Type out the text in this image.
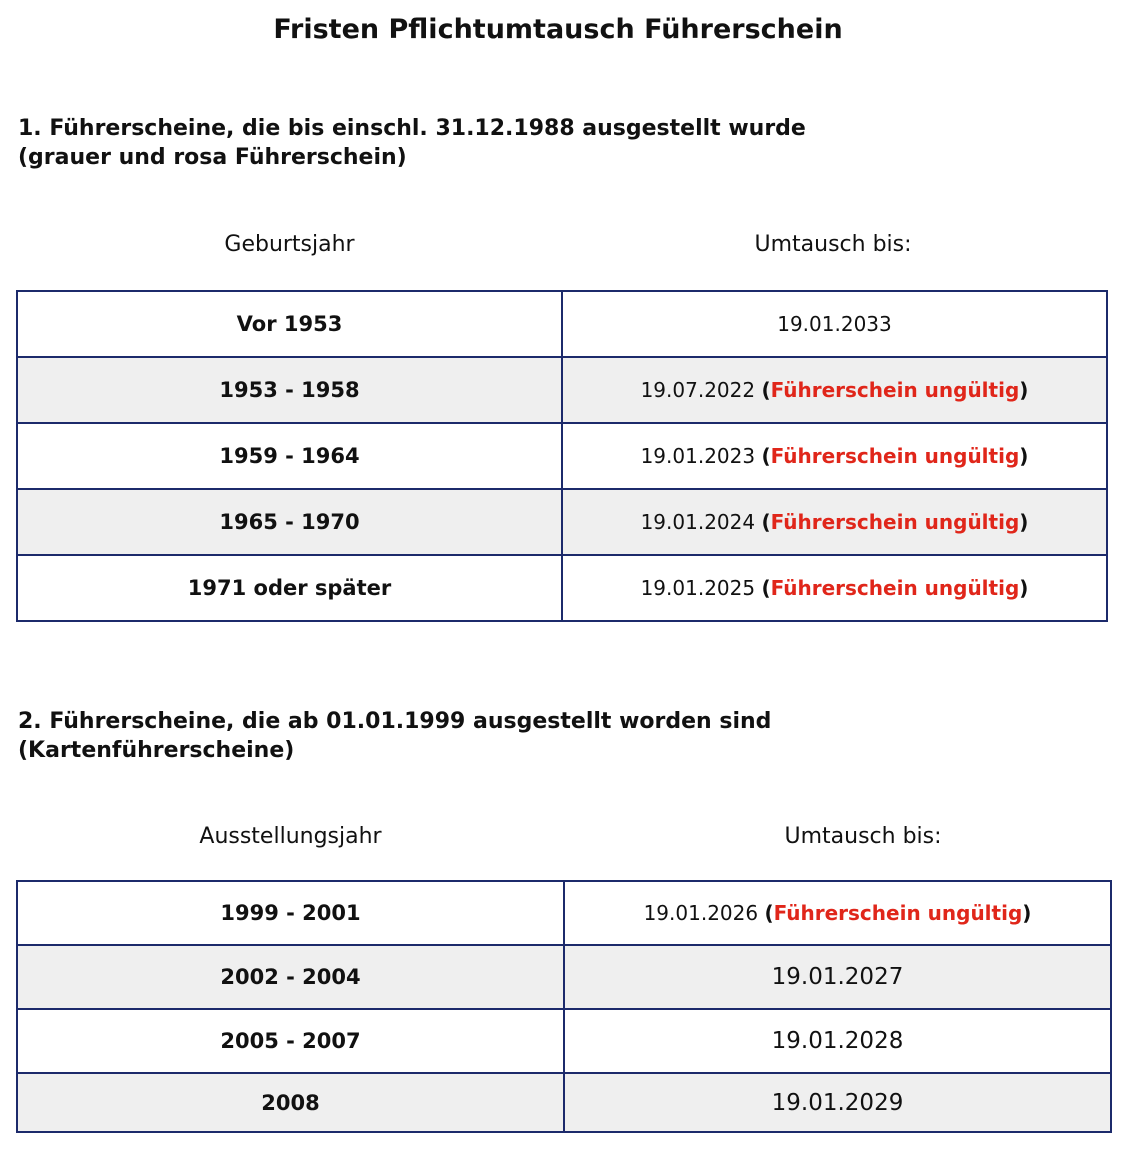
Fristen Pflichtumtausch Führerschein
1. Führerscheine, die bis einschl. 31.12.1988 ausgestellt wurde
(grauer und rosa Führerschein)
Geburtsjahr	Umtausch bis:
Vor 1953	19.01.2033
1953 - 1958	19.07.2022 (Führerschein ungültig)
1959 - 1964	19.01.2023 (Führerschein ungültig)
1965 - 1970	19.01.2024 (Führerschein ungültig)
1971 oder später	19.01.2025 (Führerschein ungültig)
2. Führerscheine, die ab 01.01.1999 ausgestellt worden sind
(Kartenführerscheine)
Ausstellungsjahr	Umtausch bis:
1999 - 2001	19.01.2026 (Führerschein ungültig)
2002 - 2004	19.01.2027
2005 - 2007	19.01.2028
2008	19.01.2029
